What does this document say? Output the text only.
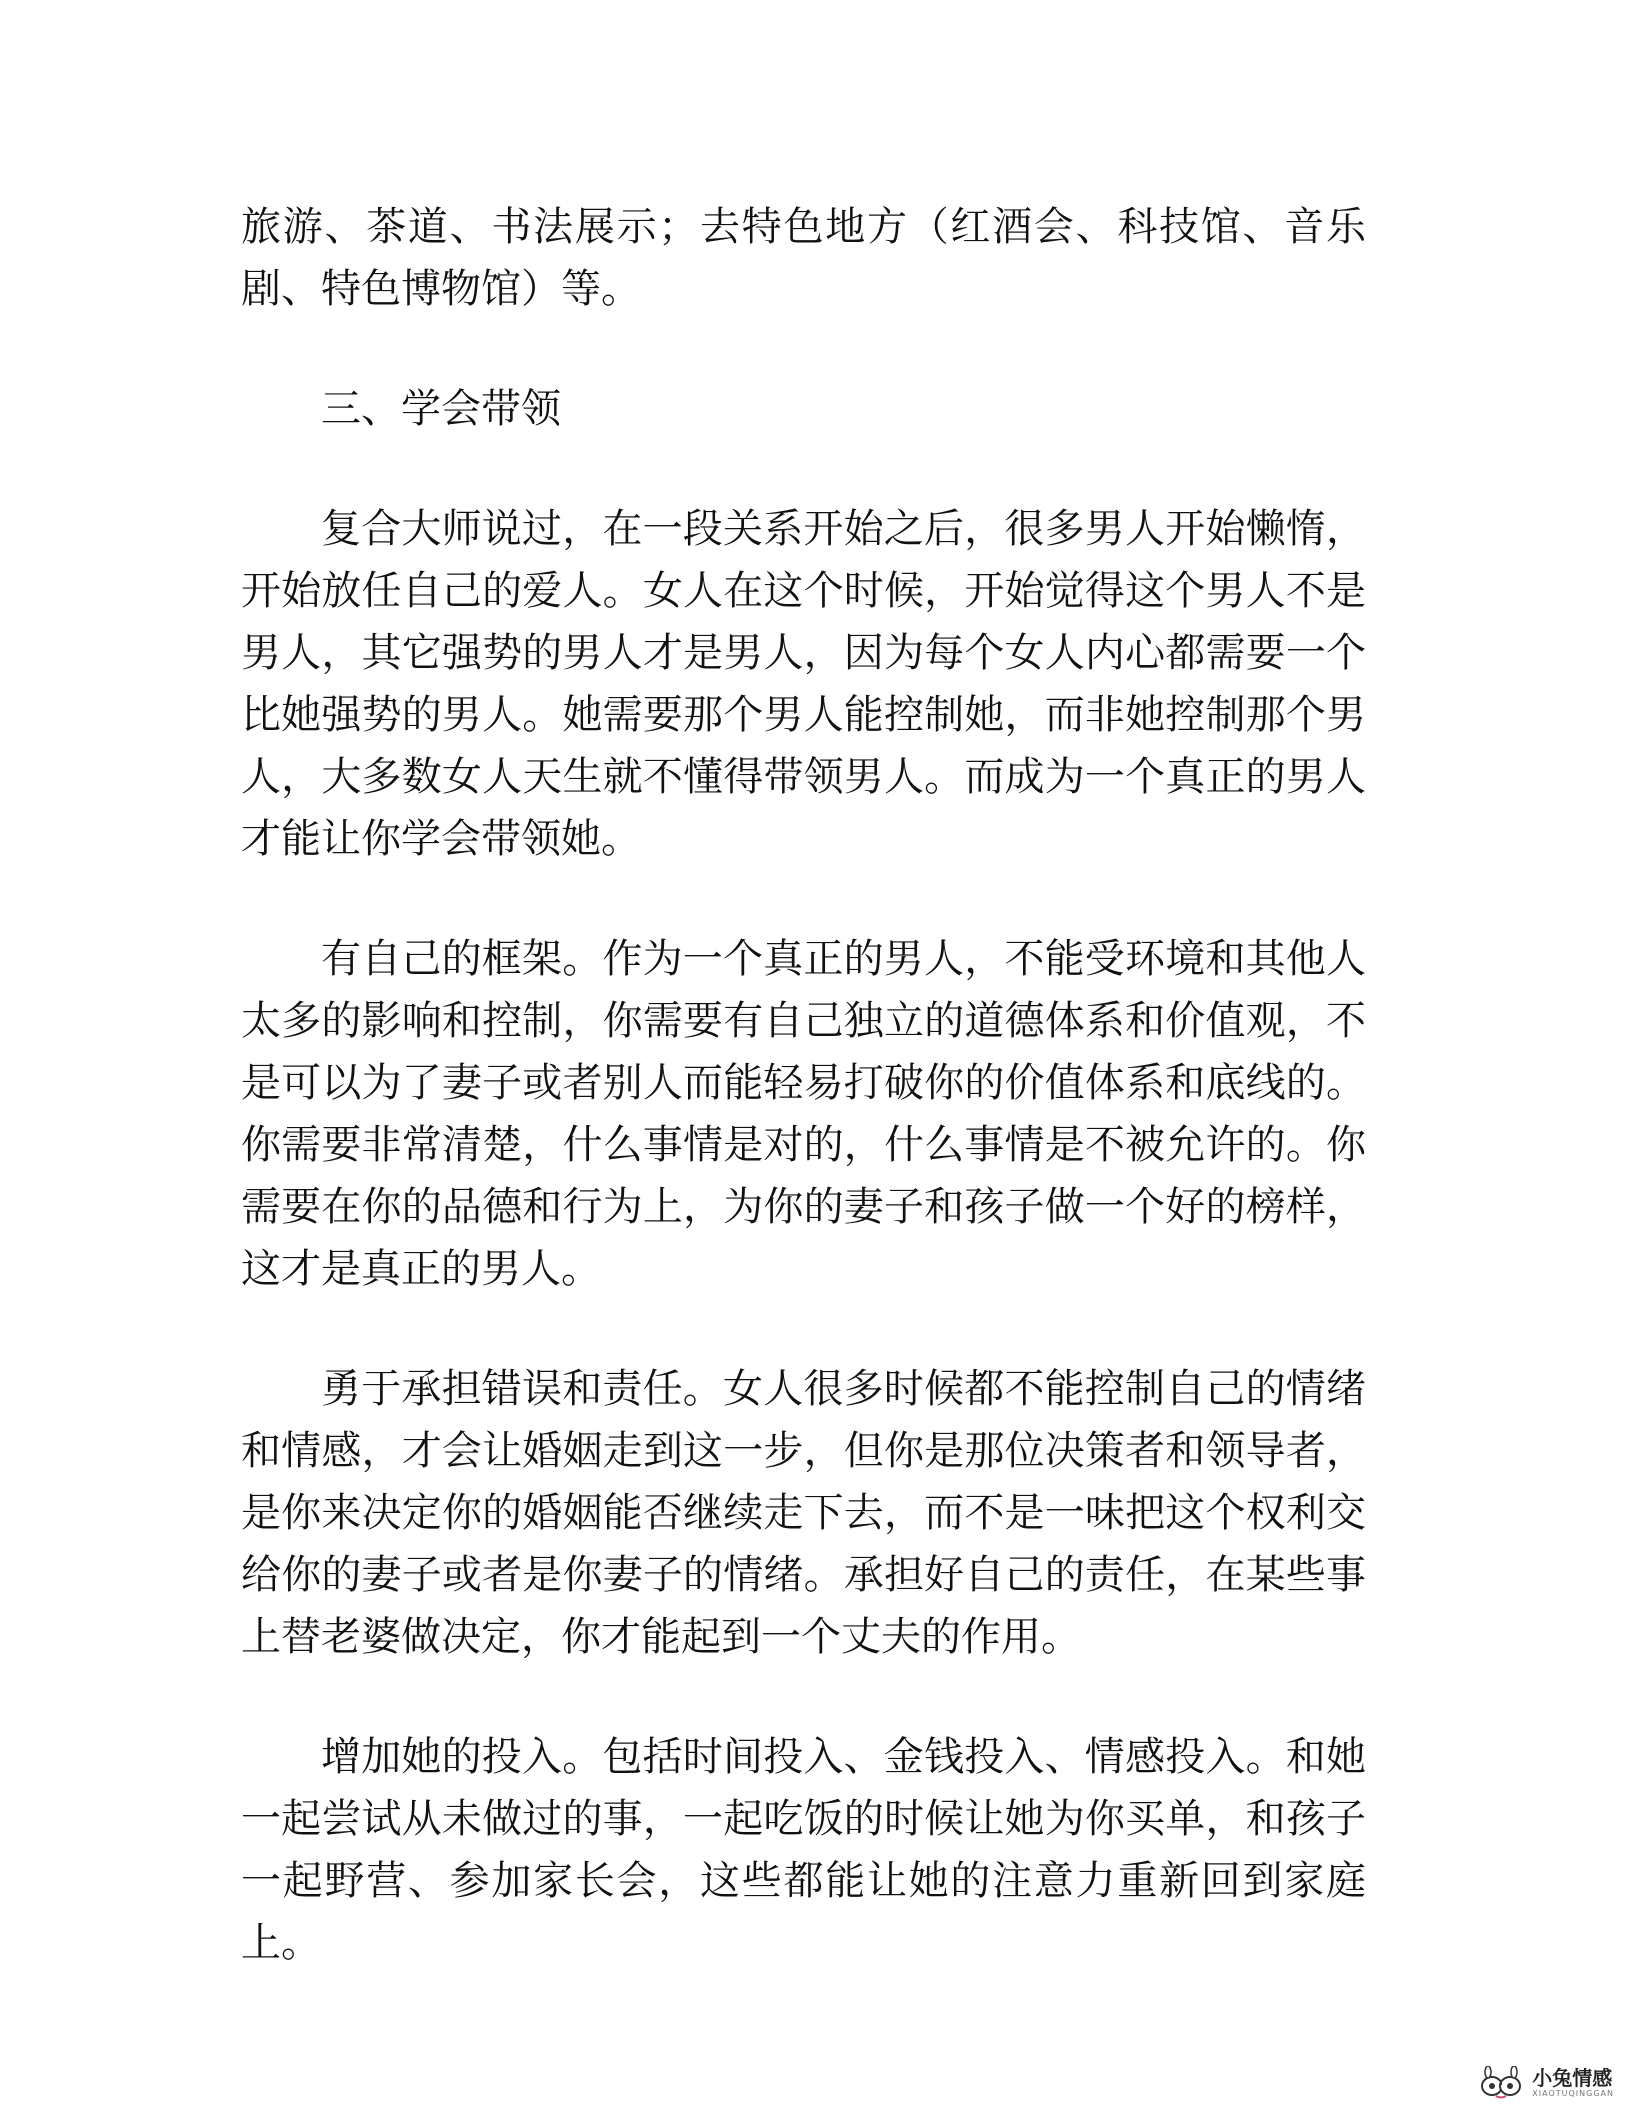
旅游、茶道、书法展示；去特色地方（红酒会、科技馆、音乐剧、特色博物馆）等。

三、学会带领

复合大师说过，在一段关系开始之后，很多男人开始懒惰，开始放任自己的爱人。女人在这个时候，开始觉得这个男人不是男人，其它强势的男人才是男人，因为每个女人内心都需要一个比她强势的男人。她需要那个男人能控制她，而非她控制那个男人，大多数女人天生就不懂得带领男人。而成为一个真正的男人才能让你学会带领她。

有自己的框架。作为一个真正的男人，不能受环境和其他人太多的影响和控制，你需要有自己独立的道德体系和价值观，不是可以为了妻子或者别人而能轻易打破你的价值体系和底线的。你需要非常清楚，什么事情是对的，什么事情是不被允许的。你需要在你的品德和行为上，为你的妻子和孩子做一个好的榜样，这才是真正的男人。

勇于承担错误和责任。女人很多时候都不能控制自己的情绪和情感，才会让婚姻走到这一步，但你是那位决策者和领导者，是你来决定你的婚姻能否继续走下去，而不是一味把这个权利交给你的妻子或者是你妻子的情绪。承担好自己的责任，在某些事上替老婆做决定，你才能起到一个丈夫的作用。

增加她的投入。包括时间投入、金钱投入、情感投入。和她一起尝试从未做过的事，一起吃饭的时候让她为你买单，和孩子一起野营、参加家长会，这些都能让她的注意力重新回到家庭上。

小兔情感
XIAOTUQINGGAN
